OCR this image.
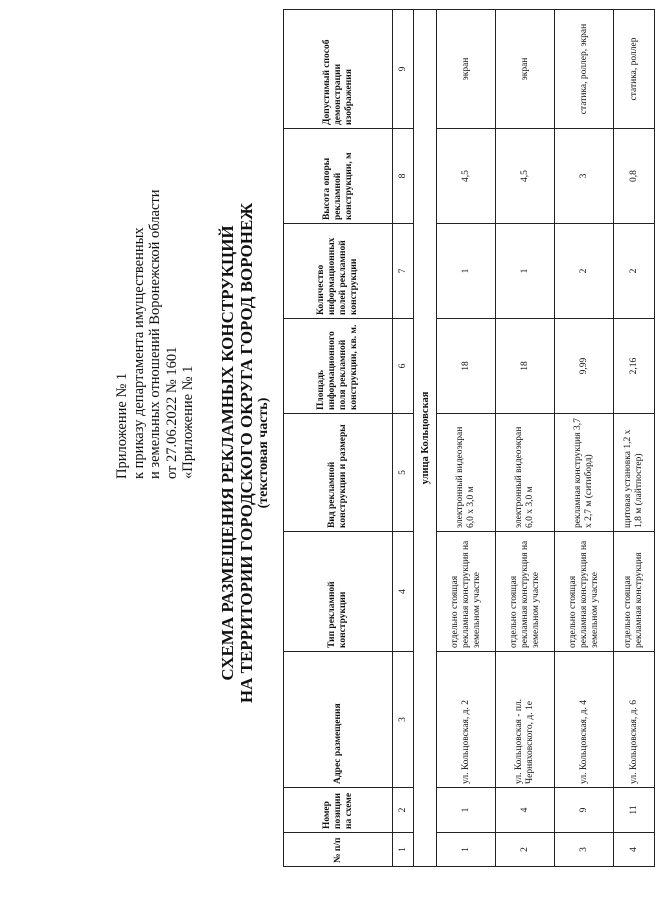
Приложение № 1 к приказу департамента имущественных и земельных отношений Воронежской области от 27.06.2022 № 1601 «Приложение № 1 СХЕМА РАЗМЕЩЕНИЯ РЕКЛАМНЫХ КОНСТРУКЦИЙ НА ТЕРРИТОРИИ ГОРОДСКОГО ОКРУГА ГОРОД ВОРОНЕЖ (текстовая часть)
№ п/п	Номер позиции на схеме	Адрес размещения	Тип рекламной конструкции	Вид рекламной конструкции и размеры	Площадь информационного поля рекламной конструкции, кв. м.	Количество информационных полей рекламной конструкции	Высота опоры рекламной конструкции, м	Допустимый способ демонстрации изображения
1	2	3	4	5	6	7	8	9
улица Кольцовская								
1	1	ул. Кольцовская, д. 2	отдельно стоящая рекламная конструкция на земельном участке	электронный видеоэкран 6,0 х 3,0 м	18	1	4,5	экран
2	4	ул. Кольцовская - пл. Черняховского, д. 1е	отдельно стоящая рекламная конструкция на земельном участке	электронный видеоэкран 6,0 х 3,0 м	18	1	4,5	экран
3	9	ул. Кольцовская, д. 4	отдельно стоящая рекламная конструкция на земельном участке	рекламная конструкция 3,7 х 2,7 м (ситиборд)	9,99	2	3	статика, роллер, экран
4	11	ул. Кольцовская, д. 6	отдельно стоящая рекламная конструкция	щитовая установка 1,2 х 1,8 м (лайтпостер)	2,16	2	0,8	статика, роллер
